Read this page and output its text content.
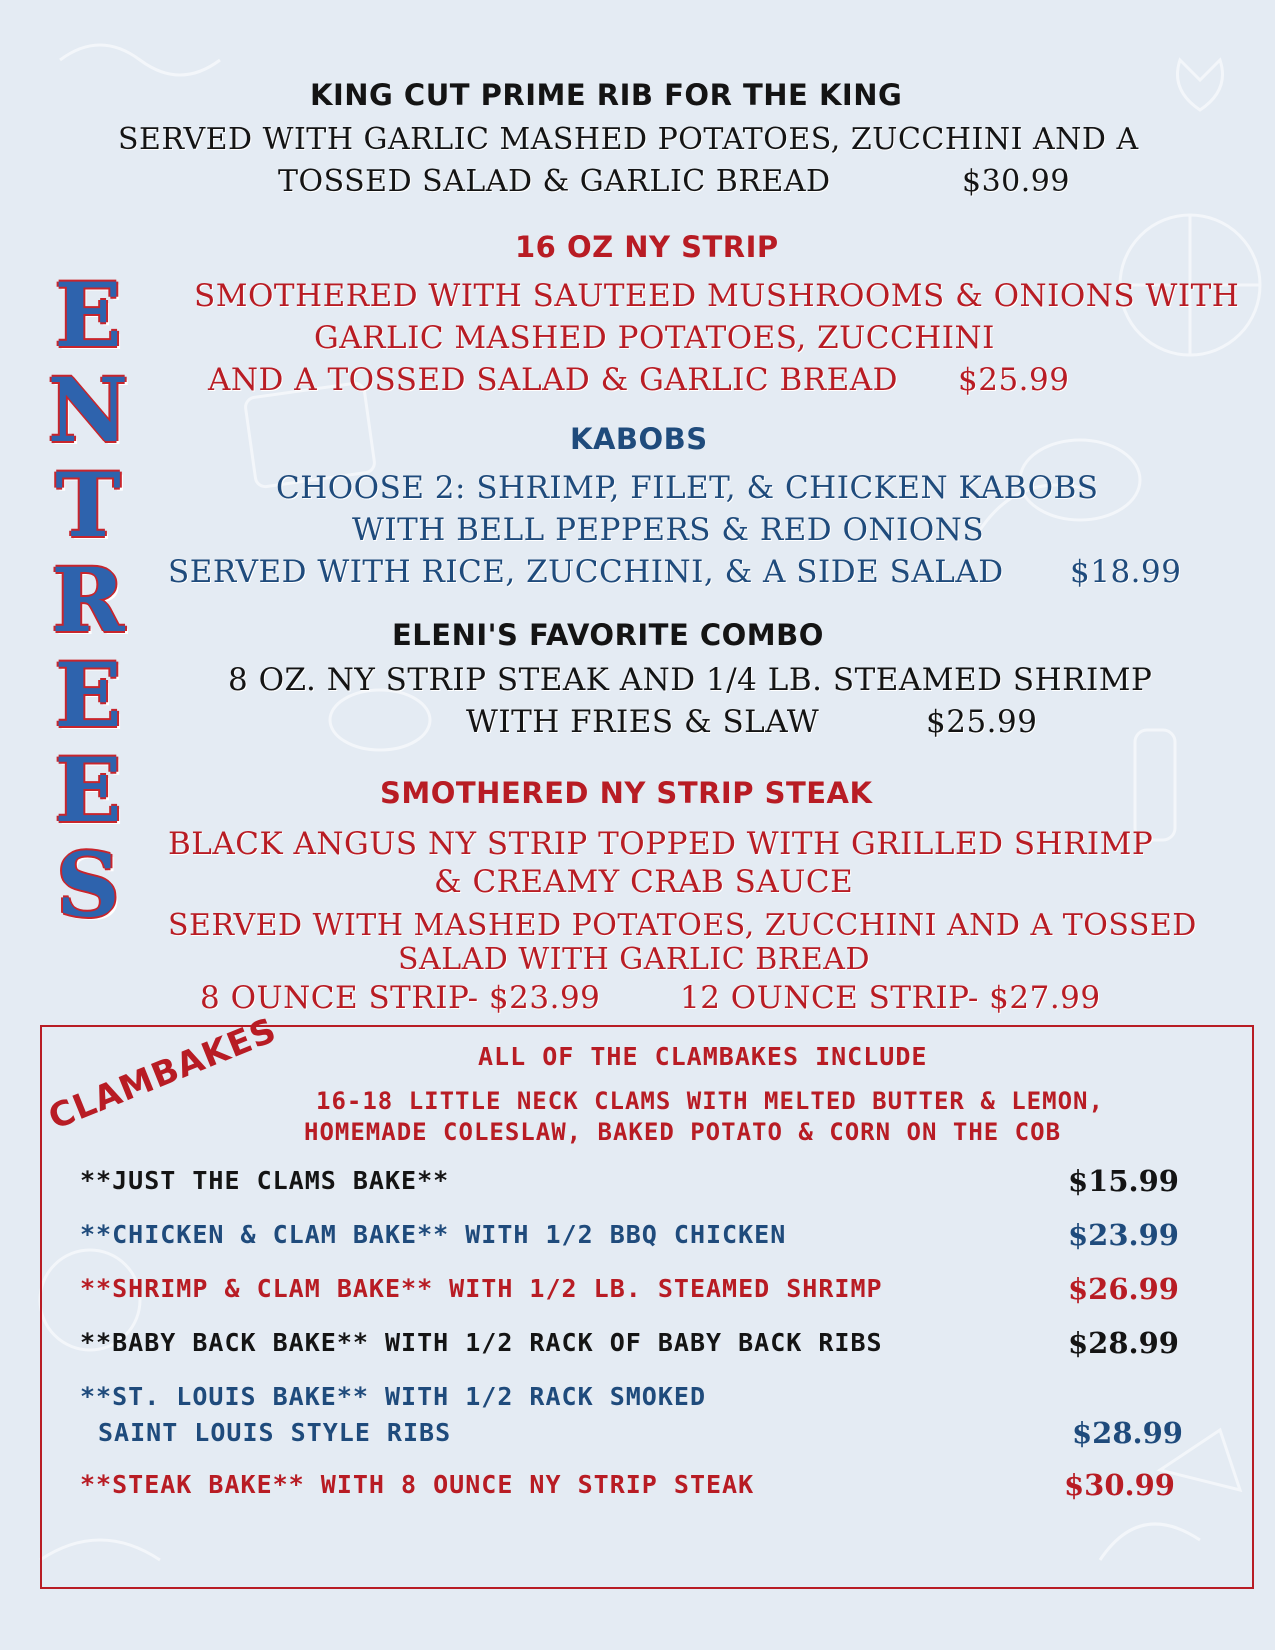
E
N
T
R
E
E
S
KING CUT PRIME RIB FOR THE KING
SERVED WITH GARLIC MASHED POTATOES, ZUCCHINI AND A
TOSSED SALAD & GARLIC BREAD	$30.99
16 OZ NY STRIP
SMOTHERED WITH SAUTEED MUSHROOMS & ONIONS WITH
GARLIC MASHED POTATOES, ZUCCHINI
AND A TOSSED SALAD & GARLIC BREAD $25.99
KABOBS
CHOOSE 2: SHRIMP, FILET, & CHICKEN KABOBS
WITH BELL PEPPERS & RED ONIONS
SERVED WITH RICE, ZUCCHINI, & A SIDE SALAD $18.99
ELENI'S FAVORITE COMBO
8 OZ. NY STRIP STEAK AND 1/4 LB. STEAMED SHRIMP
WITH FRIES & SLAW	$25.99
SMOTHERED NY STRIP STEAK
BLACK ANGUS NY STRIP TOPPED WITH GRILLED SHRIMP
& CREAMY CRAB SAUCE
SERVED WITH MASHED POTATOES, ZUCCHINI AND A TOSSED
SALAD WITH GARLIC BREAD
8 OUNCE STRIP- $23.99	12 OUNCE STRIP- $27.99
CLAMBAKES	ALL OF THE CLAMBAKES INCLUDE
16-18 LITTLE NECK CLAMS WITH MELTED BUTTER & LEMON,
HOMEMADE COLESLAW, BAKED POTATO & CORN ON THE COB
**JUST THE CLAMS BAKE**	$15.99
**CHICKEN & CLAM BAKE** WITH 1/2 BBQ CHICKEN	$23.99
**SHRIMP & CLAM BAKE** WITH 1/2 LB. STEAMED SHRIMP	$26.99
**BABY BACK BAKE** WITH 1/2 RACK OF BABY BACK RIBS	$28.99
**ST. LOUIS BAKE** WITH 1/2 RACK SMOKED
SAINT LOUIS STYLE RIBS	$28.99
**STEAK BAKE** WITH 8 OUNCE NY STRIP STEAK	$30.99
